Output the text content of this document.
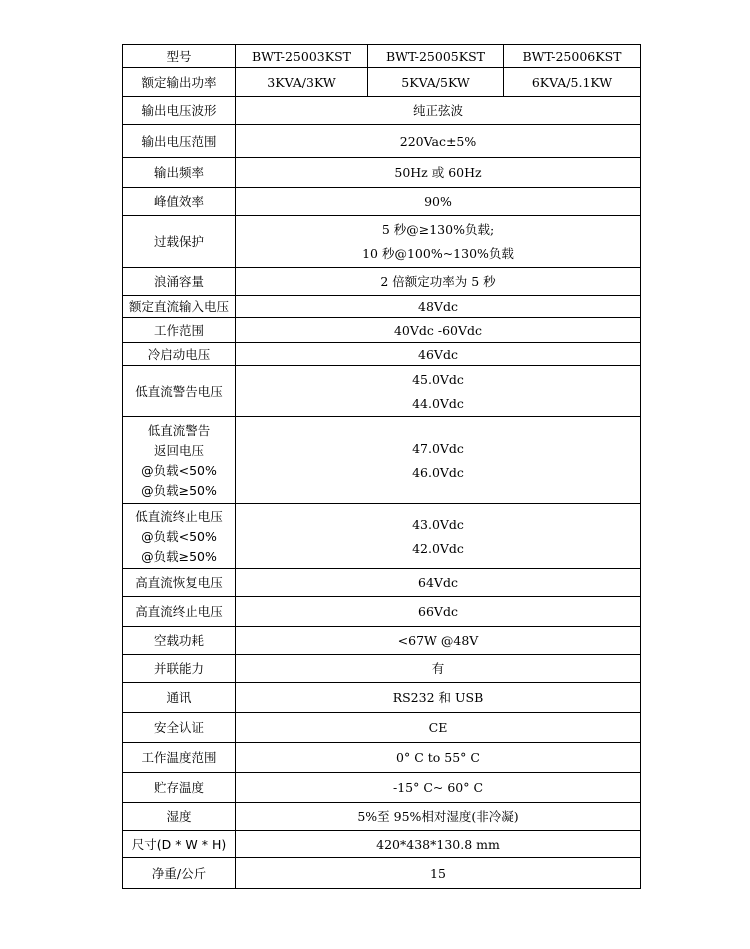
型号	BWT-25003KST	BWT-25005KST	BWT-25006KST
额定输出功率	3KVA/3KW	5KVA/5KW	6KVA/5.1KW
输出电压波形	纯正弦波		
输出电压范围	220Vac±5%		
输出频率	50Hz 或 60Hz		
峰值效率	90%		
过载保护	5 秒@≥130%负载;
10 秒@100%~130%负载		

浪涌容量	2 倍额定功率为 5 秒		
额定直流输入电压	48Vdc		
工作范围	40Vdc -60Vdc		
冷启动电压	46Vdc		
低直流警告电压	45.0Vdc
44.0Vdc		

低直流警告
返回电压
@负载<50%
@负载≥50%	47.0Vdc
46.0Vdc		

低直流终止电压
@负载<50%
@负载≥50%	43.0Vdc
42.0Vdc		

高直流恢复电压	64Vdc		
高直流终止电压	66Vdc		
空载功耗	<67W @48V		
并联能力	有		
通讯	RS232 和 USB		
安全认证	CE		
工作温度范围	0° C to 55° C		
贮存温度	-15° C~ 60° C		
湿度	5%至 95%相对湿度(非冷凝)		
尺寸(D * W * H)	420*438*130.8 mm		
净重/公斤	15		
